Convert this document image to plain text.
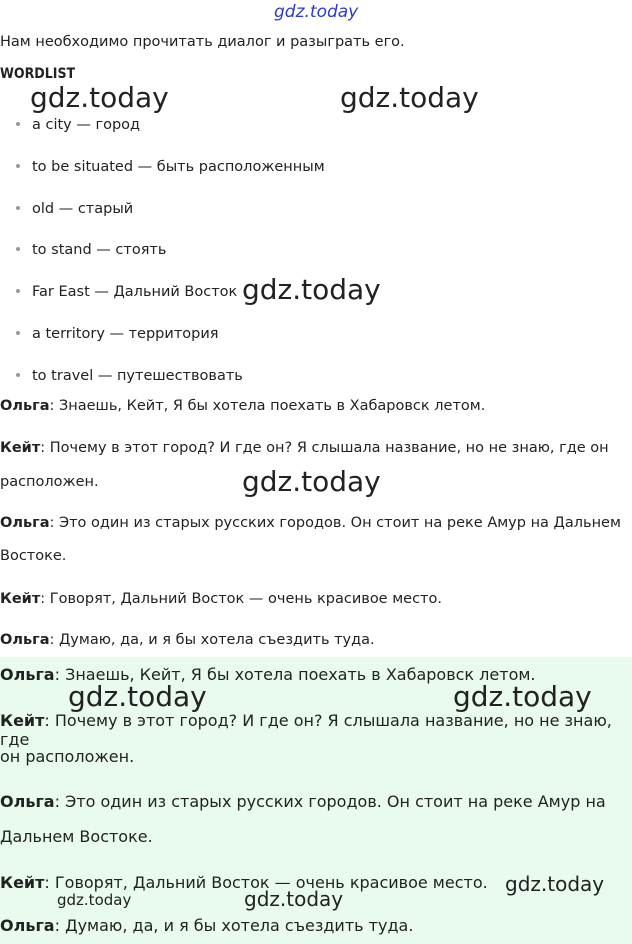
gdz.today
Нам необходимо прочитать диалог и разыграть его.
WORDLIST
gdz.today	gdz.today
a city — город
to be situated — быть расположенным
old — старый
to stand — стоять
Far East — Дальний Восток
a territory — территория
to travel — путешествовать
gdz.today
Ольга: Знаешь, Кейт, Я бы хотела поехать в Хабаровск летом.
Кейт: Почему в этот город? И где он? Я слышала название, но не знаю, где он
расположен.	gdz.today
Ольга: Это один из старых русских городов. Он стоит на реке Амур на Дальнем
Востоке.
Кейт: Говорят, Дальний Восток — очень красивое место.
Ольга: Думаю, да, и я бы хотела съездить туда.
Ольга: Знаешь, Кейт, Я бы хотела поехать в Хабаровск летом.
gdz.today	gdz.today
Кейт: Почему в этот город? И где он? Я слышала название, но не знаю, где
он расположен.
Ольга: Это один из старых русских городов. Он стоит на реке Амур на
Дальнем Востоке.
Кейт: Говорят, Дальний Восток — очень красивое место. gdz.today
gdz.today	gdz.today
Ольга: Думаю, да, и я бы хотела съездить туда.
